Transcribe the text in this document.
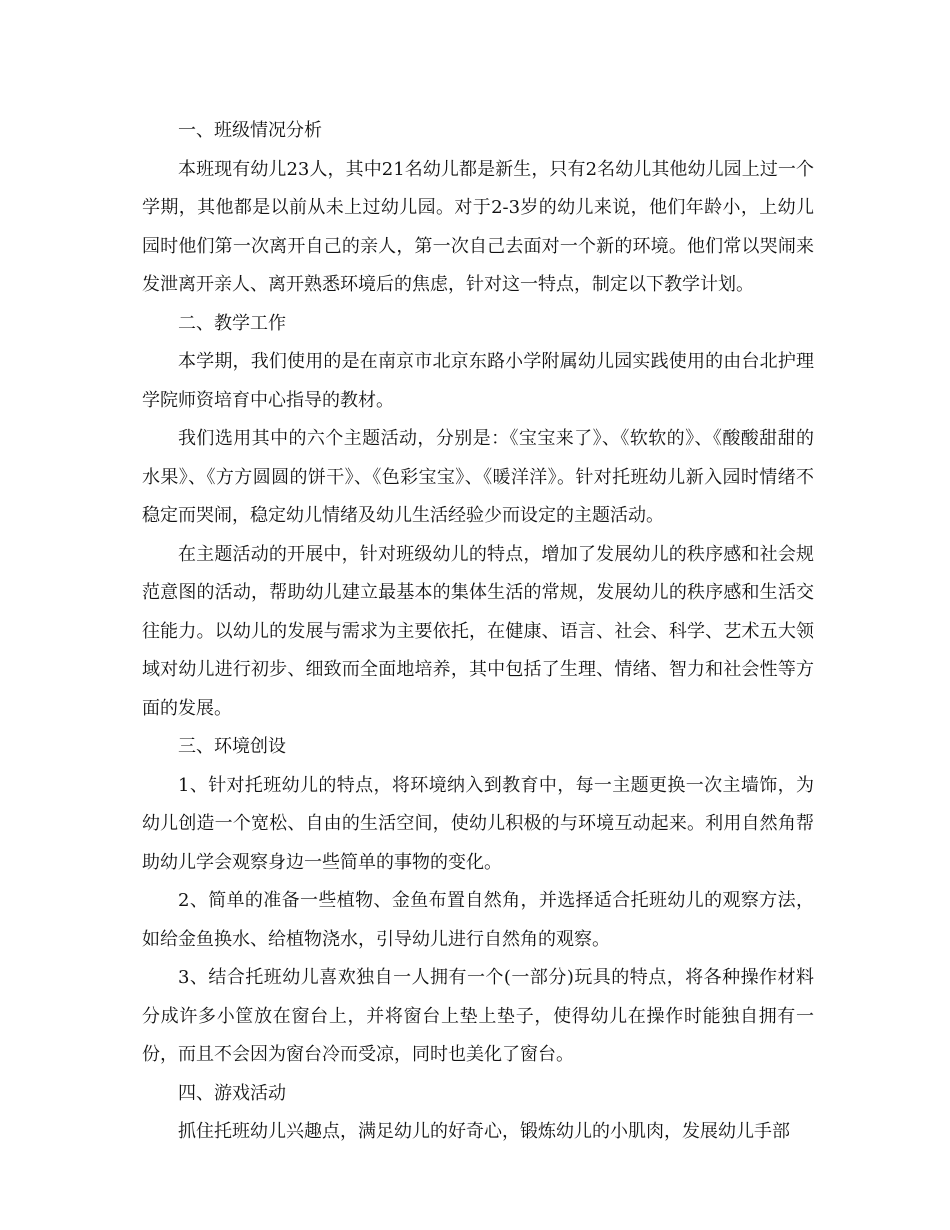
一、班级情况分析

本班现有幼儿23人，其中21名幼儿都是新生，只有2名幼儿其他幼儿园上过一个学期，其他都是以前从未上过幼儿园。对于2-3岁的幼儿来说，他们年龄小，上幼儿园时他们第一次离开自己的亲人，第一次自己去面对一个新的环境。他们常以哭闹来发泄离开亲人、离开熟悉环境后的焦虑，针对这一特点，制定以下教学计划。

二、教学工作

本学期，我们使用的是在南京市北京东路小学附属幼儿园实践使用的由台北护理学院师资培育中心指导的教材。

我们选用其中的六个主题活动，分别是：《宝宝来了》、《软软的》、《酸酸甜甜的水果》、《方方圆圆的饼干》、《色彩宝宝》、《暖洋洋》。针对托班幼儿新入园时情绪不稳定而哭闹，稳定幼儿情绪及幼儿生活经验少而设定的主题活动。

在主题活动的开展中，针对班级幼儿的特点，增加了发展幼儿的秩序感和社会规范意图的活动，帮助幼儿建立最基本的集体生活的常规，发展幼儿的秩序感和生活交往能力。以幼儿的发展与需求为主要依托，在健康、语言、社会、科学、艺术五大领域对幼儿进行初步、细致而全面地培养，其中包括了生理、情绪、智力和社会性等方面的发展。

三、环境创设

1、针对托班幼儿的特点，将环境纳入到教育中，每一主题更换一次主墙饰，为幼儿创造一个宽松、自由的生活空间，使幼儿积极的与环境互动起来。利用自然角帮助幼儿学会观察身边一些简单的事物的变化。

2、简单的准备一些植物、金鱼布置自然角，并选择适合托班幼儿的观察方法，如给金鱼换水、给植物浇水，引导幼儿进行自然角的观察。

3、结合托班幼儿喜欢独自一人拥有一个(一部分)玩具的特点，将各种操作材料分成许多小筐放在窗台上，并将窗台上垫上垫子，使得幼儿在操作时能独自拥有一份，而且不会因为窗台冷而受凉，同时也美化了窗台。

四、游戏活动

抓住托班幼儿兴趣点，满足幼儿的好奇心，锻炼幼儿的小肌肉，发展幼儿手部
